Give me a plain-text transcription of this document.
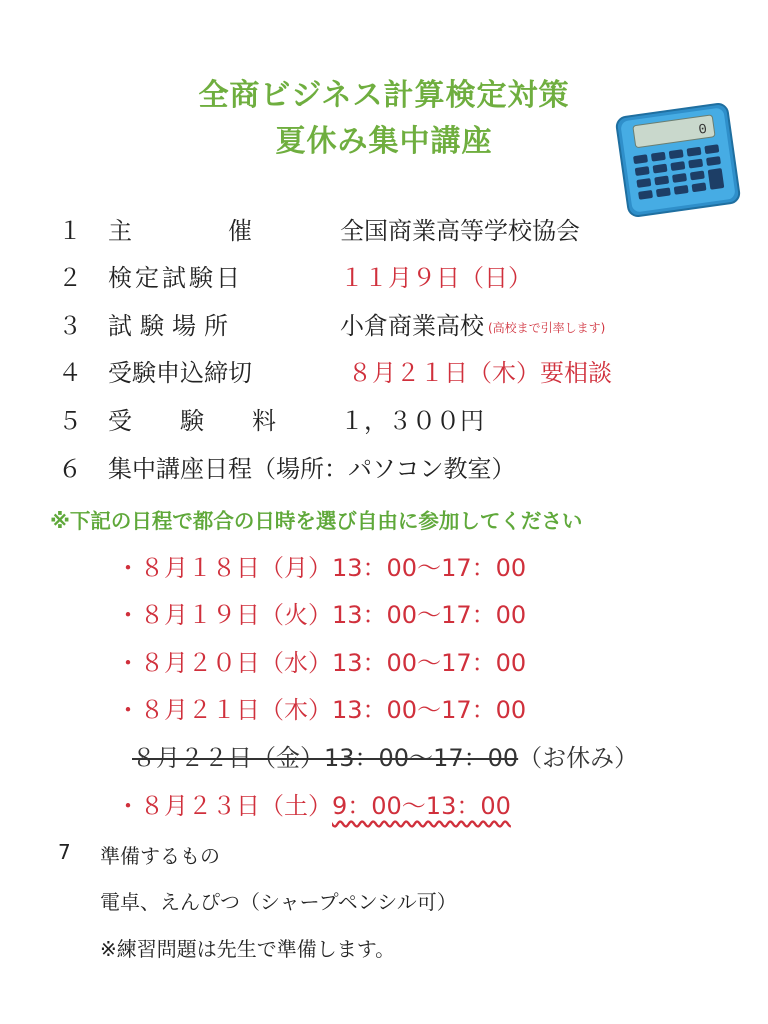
全商ビジネス計算検定対策
夏休み集中講座	0
１ 主　　　　催	全国商業高等学校協会
２ 検定試験日	１１月９日（日）
３ 試験場所	小倉商業高校 (高校まで引率します)
４ 受験申込締切	８月２１日（木）要相談
５ 受　　験　　料	１，３００円
６ 集中講座日程（場所：パソコン教室）
※下記の日程で都合の日時を選び自由に参加してください
・８月１８日（月）13：00〜17：00
・８月１９日（火）13：00〜17：00
・８月２０日（水）13：00〜17：00
・８月２１日（木）13：00〜17：00
８月２２日（金）13：00〜17：00（お休み）
・８月２３日（土）9：00〜13：00
7 準備するもの
電卓、えんぴつ（シャープペンシル可）
※練習問題は先生で準備します。
